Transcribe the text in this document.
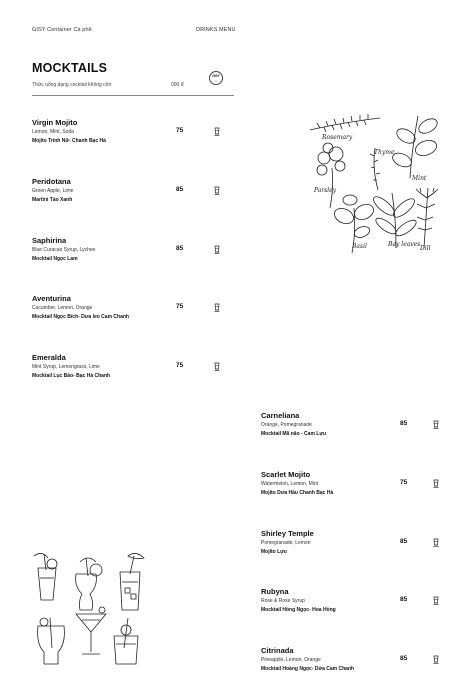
GISY Container Cà phê	DRINKS MENU
MOCKTAILS
Thức uống dạng cocktail không cồn	000 đ
GISY
• •
Virgin Mojito
Lemon, Mint, Soda
Mojito Trinh Nữ- Chanh Bạc Hà
75
Peridotana
Green Apple, Lime
Martini Táo Xanh
85
Saphirina
Blue Curacao Syrup, Lychee
Mocktail Ngọc Lam
85
Aventurina
Cucumber, Lemon, Orange
Mocktail Ngọc Bích- Dưa leo Cam Chanh
75
Emeralda
Mint Syrup, Lemongrass, Lime
Mocktail Lục Bảo- Bạc Hà Chanh
75
Carneliana
Orange, Pomegranade
Mocktail Mã não - Cam Lựu
85
Scarlet Mojito
Watermelon, Lemon, Mint
Mojito Dưa Hấu Chanh Bạc Hà
75
Shirley Temple
Pomegranade, Lemon
Mojito Lựu
85
Rubyna
Rose & Rose Syrup
Mocktail Hồng Ngọc- Hoa Hồng
85
Citrinada
Pineapple, Lemon, Orange
Mocktail Hoàng Ngọc- Dứa Cam Chanh
85
Rosemary
Thyme
Mint
Parsley
Basil	Bay leaves
Dill
